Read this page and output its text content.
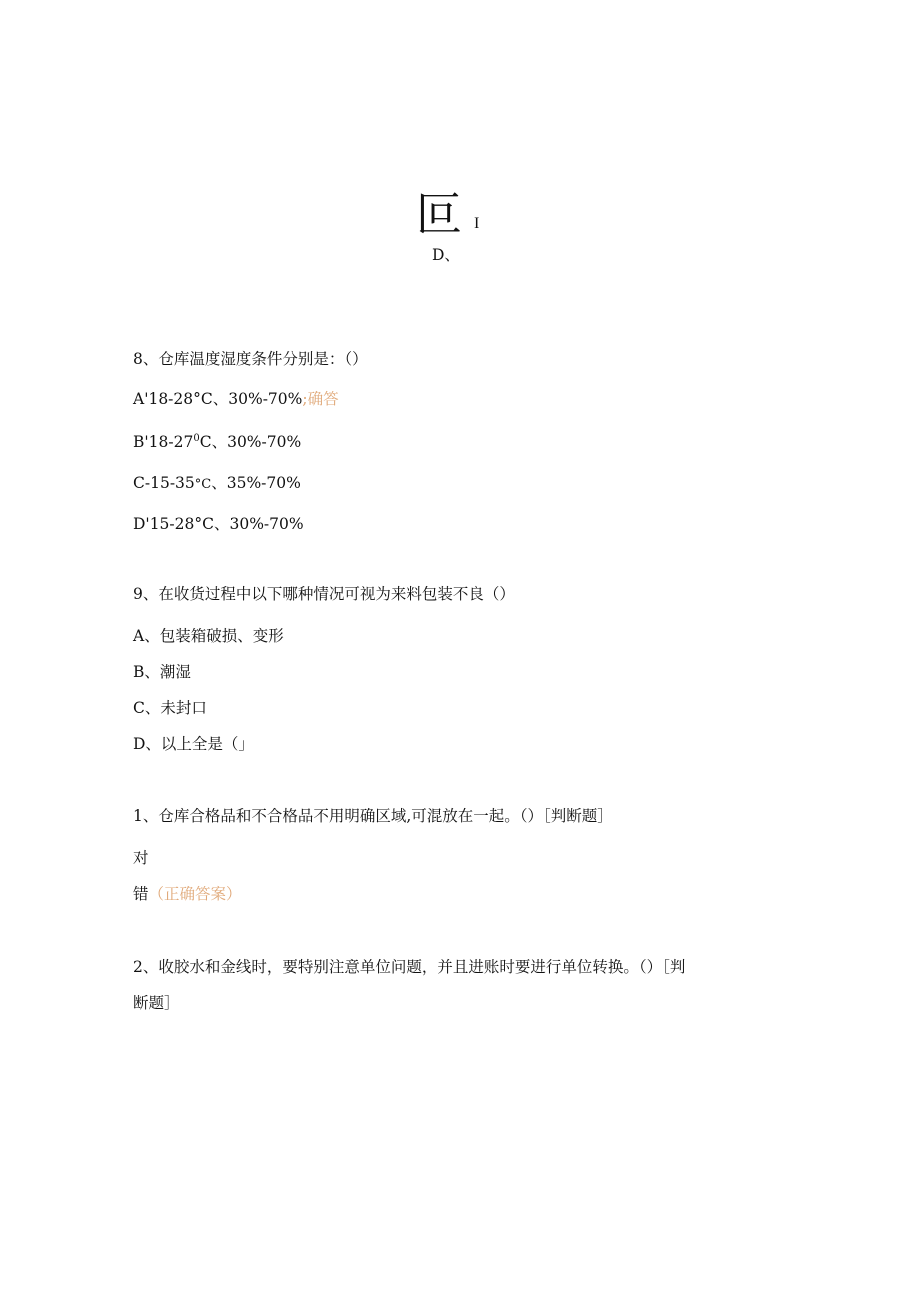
叵 I
D、
8、仓库温度湿度条件分别是：（）
A'18-28°C、30%-70%;确答
$B'18-27^0C$、30%-70%
C-15-35°C、35%-70%
D'15-28°C、30%-70%
9、在收货过程中以下哪种情况可视为来料包装不良（）
A、包装箱破损、变形
B、潮湿
C、未封口
D、以上全是（」
1、仓库合格品和不合格品不用明确区域,可混放在一起。（）［判断题］
对
错（正确答案）
2、收胶水和金线时，要特别注意单位问题，并且进账时要进行单位转换。（）［判
断题］
